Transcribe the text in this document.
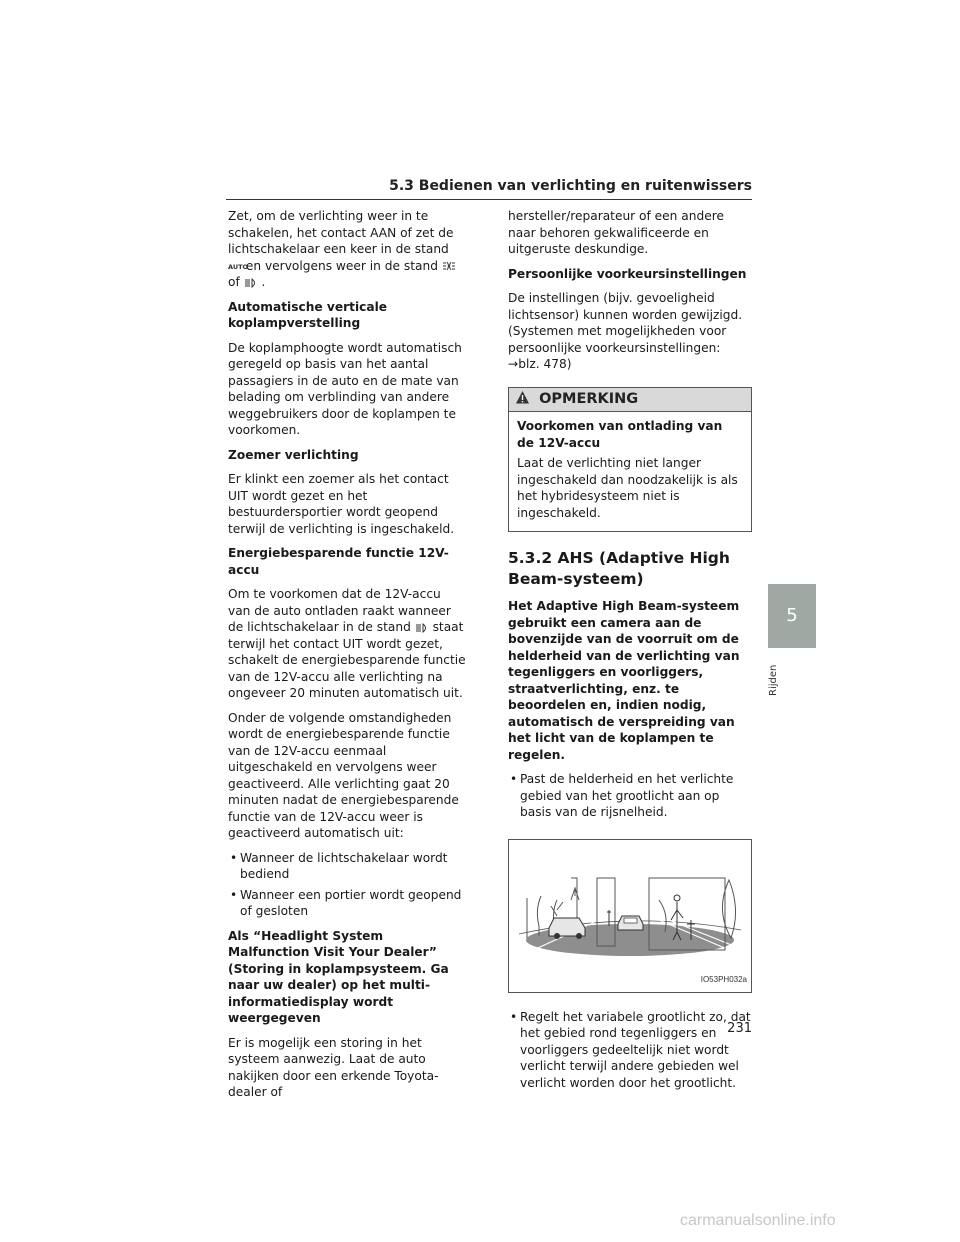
5.3 Bedienen van verlichting en ruitenwissers

Zet, om de verlichting weer in te schakelen, het contact AAN of zet de lichtschakelaar een keer in de stand
AUTO
en vervolgens weer in de stand
of .

Automatische verticale koplampverstelling

De koplamphoogte wordt automatisch geregeld op basis van het aantal passagiers in de auto en de mate van belading om verblinding van andere weggebruikers door de koplampen te voorkomen.

Zoemer verlichting

Er klinkt een zoemer als het contact UIT wordt gezet en het bestuurdersportier wordt geopend terwijl de verlichting is ingeschakeld.

Energiebesparende functie 12V-accu

Om te voorkomen dat de 12V-accu van de auto ontladen raakt wanneer de lichtschakelaar in de stand staat terwijl het contact UIT wordt gezet, schakelt de energiebesparende functie van de 12V-accu alle verlichting na ongeveer 20 minuten automatisch uit.

Onder de volgende omstandigheden wordt de energiebesparende functie van de 12V-accu eenmaal uitgeschakeld en vervolgens weer geactiveerd. Alle verlichting gaat 20 minuten nadat de energiebesparende functie van de 12V-accu weer is geactiveerd automatisch uit:

• Wanneer de lichtschakelaar wordt bediend
• Wanneer een portier wordt geopend of gesloten

Als “Headlight System Malfunction Visit Your Dealer” (Storing in koplampsysteem. Ga naar uw dealer) op het multi-informatiedisplay wordt weergegeven

Er is mogelijk een storing in het systeem aanwezig. Laat de auto nakijken door een erkende Toyota-dealer of

hersteller/reparateur of een andere naar behoren gekwalificeerde en uitgeruste deskundige.

Persoonlijke voorkeursinstellingen

De instellingen (bijv. gevoeligheid lichtsensor) kunnen worden gewijzigd. (Systemen met mogelijkheden voor persoonlijke voorkeursinstellingen: →blz. 478)

OPMERKING

Voorkomen van ontlading van de 12V-accu

Laat de verlichting niet langer ingeschakeld dan noodzakelijk is als het hybridesysteem niet is ingeschakeld.

5.3.2 AHS (Adaptive High Beam-systeem)

Het Adaptive High Beam-systeem gebruikt een camera aan de bovenzijde van de voorruit om de helderheid van de verlichting van tegenliggers en voorliggers, straatverlichting, enz. te beoordelen en, indien nodig, automatisch de verspreiding van het licht van de koplampen te regelen.

• Past de helderheid en het verlichte gebied van het grootlicht aan op basis van de rijsnelheid.
IO53PH032a
• Regelt het variabele grootlicht zo, dat het gebied rond tegenliggers en voorliggers gedeeltelijk niet wordt verlicht terwijl andere gebieden wel verlicht worden door het grootlicht.
5
Rijden
231
carmanualsonline.info
